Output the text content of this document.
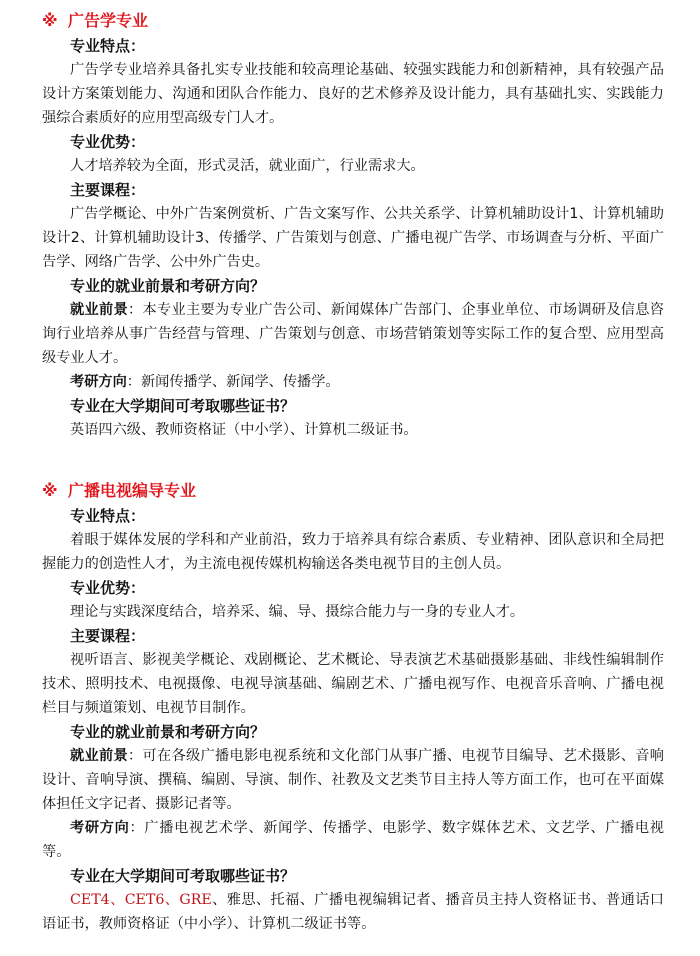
※ 广告学专业
专业特点：
广告学专业培养具备扎实专业技能和较高理论基础、较强实践能力和创新精神，具有较强产品设计方案策划能力、沟通和团队合作能力、良好的艺术修养及设计能力，具有基础扎实、实践能力强综合素质好的应用型高级专门人才。
专业优势：
人才培养较为全面，形式灵活，就业面广，行业需求大。
主要课程：
广告学概论、中外广告案例赏析、广告文案写作、公共关系学、计算机辅助设计1、计算机辅助设计2、计算机辅助设计3、传播学、广告策划与创意、广播电视广告学、市场调查与分析、平面广告学、网络广告学、公中外广告史。
专业的就业前景和考研方向？
就业前景：本专业主要为专业广告公司、新闻媒体广告部门、企事业单位、市场调研及信息咨询行业培养从事广告经营与管理、广告策划与创意、市场营销策划等实际工作的复合型、应用型高级专业人才。
考研方向：新闻传播学、新闻学、传播学。
专业在大学期间可考取哪些证书？
英语四六级、教师资格证（中小学）、计算机二级证书。
※ 广播电视编导专业
专业特点：
着眼于媒体发展的学科和产业前沿，致力于培养具有综合素质、专业精神、团队意识和全局把握能力的创造性人才，为主流电视传媒机构输送各类电视节目的主创人员。
专业优势：
理论与实践深度结合，培养采、编、导、摄综合能力与一身的专业人才。
主要课程：
视听语言、影视美学概论、戏剧概论、艺术概论、导表演艺术基础摄影基础、非线性编辑制作技术、照明技术、电视摄像、电视导演基础、编剧艺术、广播电视写作、电视音乐音响、广播电视栏目与频道策划、电视节目制作。
专业的就业前景和考研方向？
就业前景：可在各级广播电影电视系统和文化部门从事广播、电视节目编导、艺术摄影、音响设计、音响导演、撰稿、编剧、导演、制作、社教及文艺类节目主持人等方面工作，也可在平面媒体担任文字记者、摄影记者等。
考研方向：广播电视艺术学、新闻学、传播学、电影学、数字媒体艺术、文艺学、广播电视等。
专业在大学期间可考取哪些证书？
CET4、CET6、GRE、雅思、托福、广播电视编辑记者、播音员主持人资格证书、普通话口语证书，教师资格证（中小学）、计算机二级证书等。
